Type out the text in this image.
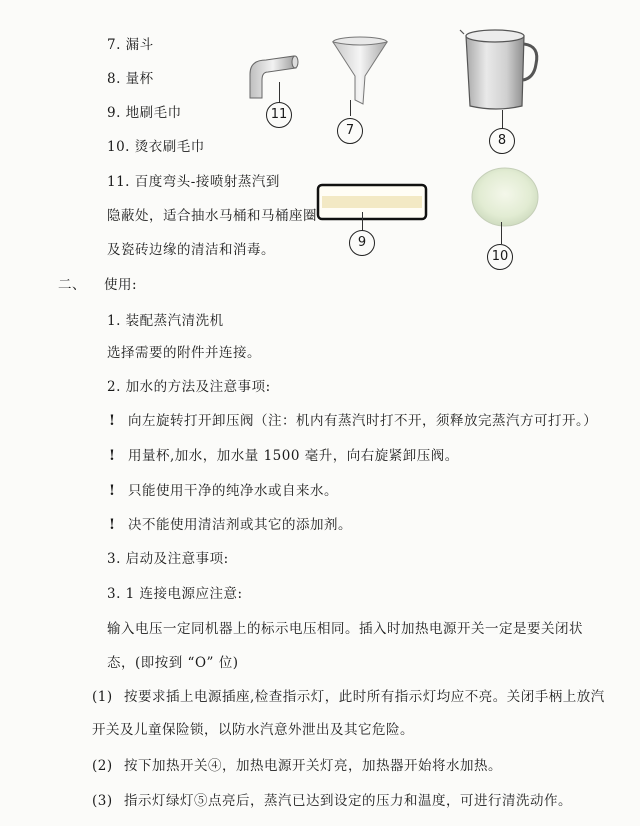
7. 漏斗
8. 量杯
9. 地刷毛巾
10. 烫衣刷毛巾
11. 百度弯头-接喷射蒸汽到
隐蔽处，适合抽水马桶和马桶座圈
及瓷砖边缘的清洁和消毒。
11
7
8
9
10
二、 使用:
1. 装配蒸汽清洗机
选择需要的附件并连接。
2. 加水的方法及注意事项:
! 向左旋转打开卸压阀（注：机内有蒸汽时打不开，须释放完蒸汽方可打开。）
! 用量杯,加水，加水量 1500 毫升，向右旋紧卸压阀。
! 只能使用干净的纯净水或自来水。
! 决不能使用清洁剂或其它的添加剂。
3. 启动及注意事项:
3. 1 连接电源应注意:
输入电压一定同机器上的标示电压相同。插入时加热电源开关一定是要关闭状
态，(即按到 “O” 位)
(1) 按要求插上电源插座,检查指示灯，此时所有指示灯均应不亮。关闭手柄上放汽
开关及儿童保险锁，以防水汽意外泄出及其它危险。
(2) 按下加热开关④，加热电源开关灯亮，加热器开始将水加热。
(3) 指示灯绿灯⑤点亮后，蒸汽已达到设定的压力和温度，可进行清洗动作。
